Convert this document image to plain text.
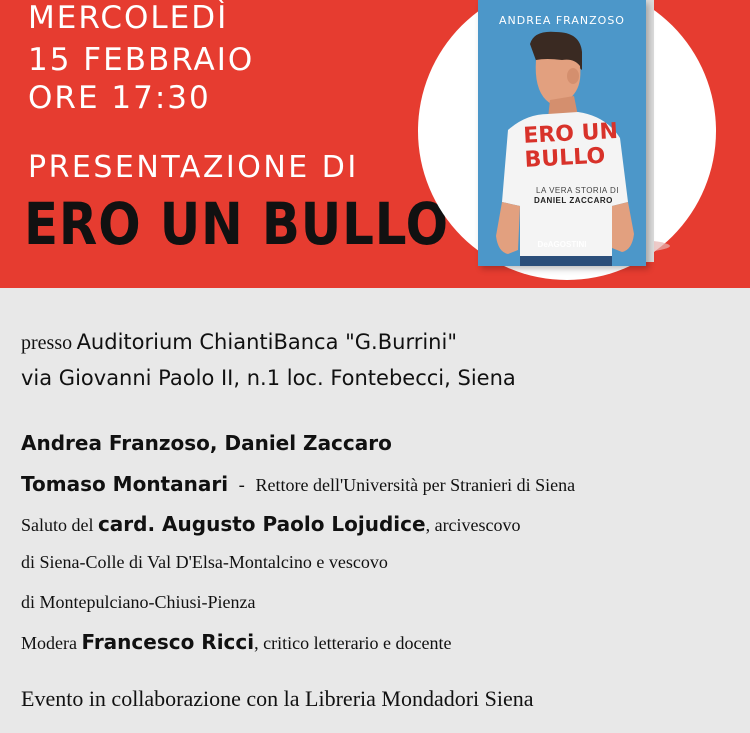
MERCOLEDÌ
15 FEBBRAIO
ORE 17:30
PRESENTAZIONE DI
ERO UN BULLO
ANDREA FRANZOSO
ERO UN
BULLO
LA VERA STORIA DI
DANIEL ZACCARO
DeAGOSTINI
presso Auditorium ChiantiBanca "G.Burrini"
via Giovanni Paolo II, n.1 loc. Fontebecci, Siena
Andrea Franzoso, Daniel Zaccaro
Tomaso Montanari - Rettore dell'Università per Stranieri di Siena
Saluto del card. Augusto Paolo Lojudice, arcivescovo
di Siena-Colle di Val D'Elsa-Montalcino e vescovo
di Montepulciano-Chiusi-Pienza
Modera Francesco Ricci, critico letterario e docente
Evento in collaborazione con la Libreria Mondadori Siena
